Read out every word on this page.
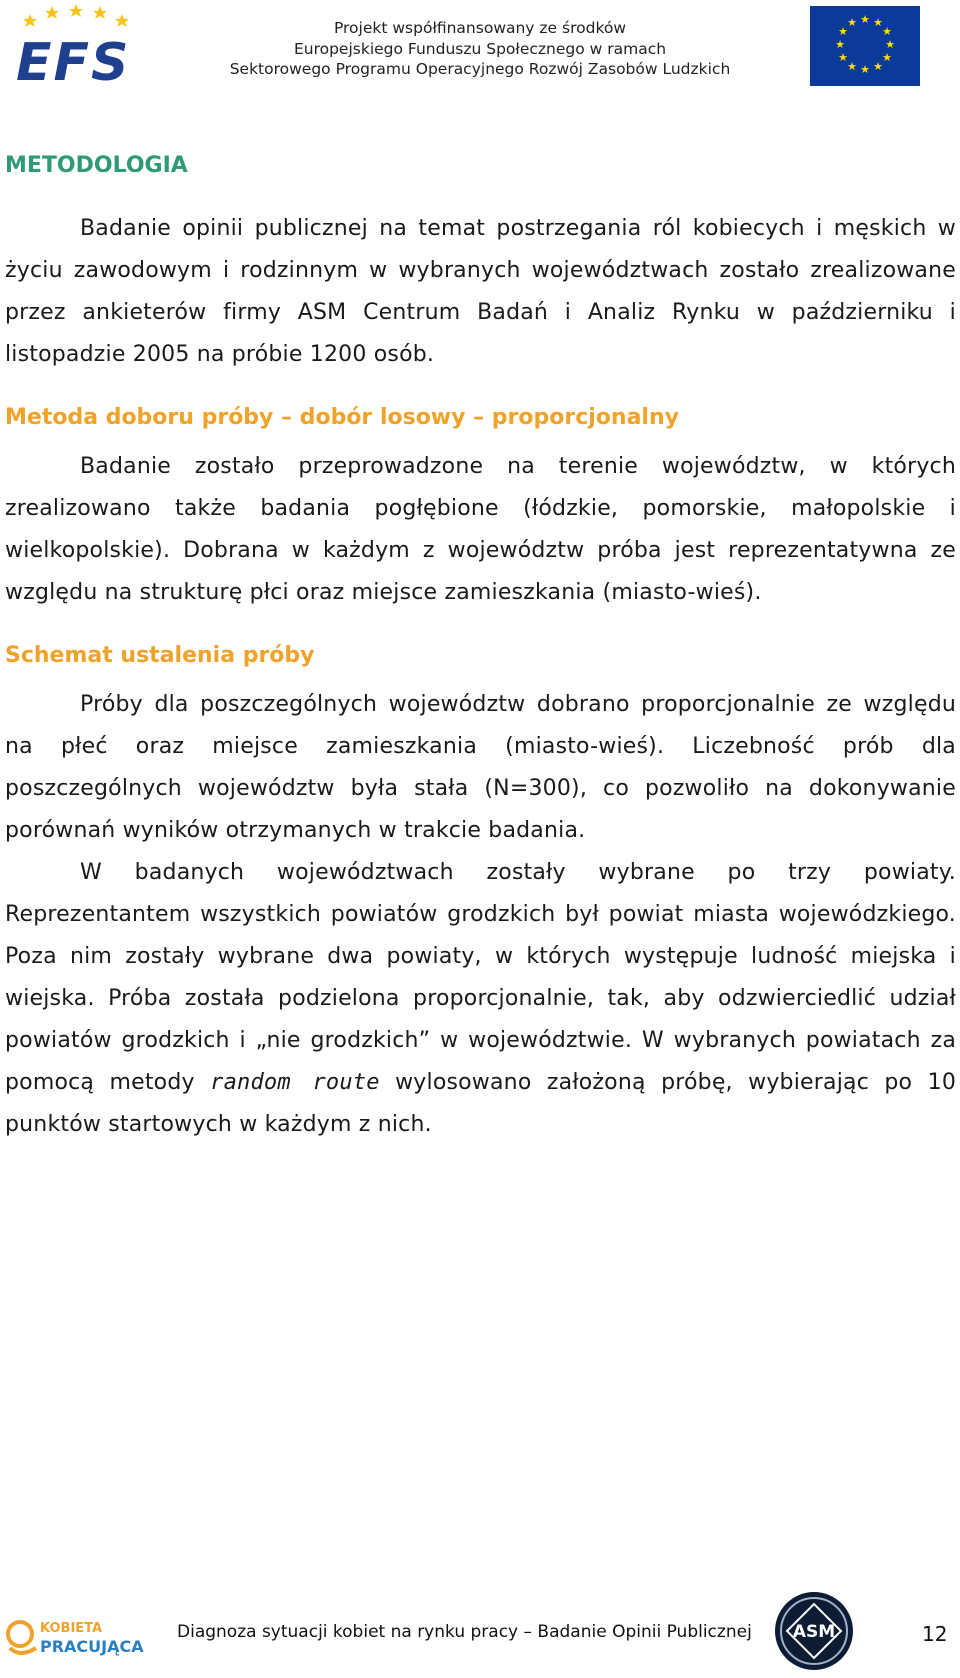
EFS
Projekt współfinansowany ze środków
Europejskiego Funduszu Społecznego w ramach
Sektorowego Programu Operacyjnego Rozwój Zasobów Ludzkich
★ ★
★
★
★
★
★
★
★
★
★
★
METODOLOGIA

Badanie opinii publicznej na temat postrzegania ról kobiecych i męskich w życiu zawodowym i rodzinnym w wybranych województwach zostało zrealizowane przez ankieterów firmy ASM Centrum Badań i Analiz Rynku w październiku i listopadzie 2005 na próbie 1200 osób.

Metoda doboru próby – dobór losowy – proporcjonalny

Badanie zostało przeprowadzone na terenie województw, w których zrealizowano także badania pogłębione (łódzkie, pomorskie, małopolskie i wielkopolskie). Dobrana w każdym z województw próba jest reprezentatywna ze względu na strukturę płci oraz miejsce zamieszkania (miasto-wieś).

Schemat ustalenia próby

Próby dla poszczególnych województw dobrano proporcjonalnie ze względu na płeć oraz miejsce zamieszkania (miasto-wieś). Liczebność prób dla poszczególnych województw była stała (N=300), co pozwoliło na dokonywanie porównań wyników otrzymanych w trakcie badania.

W badanych województwach zostały wybrane po trzy powiaty. Reprezentantem wszystkich powiatów grodzkich był powiat miasta wojewódzkiego. Poza nim zostały wybrane dwa powiaty, w których występuje ludność miejska i wiejska. Próba została podzielona proporcjonalnie, tak, aby odzwierciedlić udział powiatów grodzkich i „nie grodzkich” w województwie. W wybranych powiatach za pomocą metody random route wylosowano założoną próbę, wybierając po 10 punktów startowych w każdym z nich.

KOBIETA
PRACUJĄCA
Diagnoza sytuacji kobiet na rynku pracy – Badanie Opinii Publicznej ASM	12
